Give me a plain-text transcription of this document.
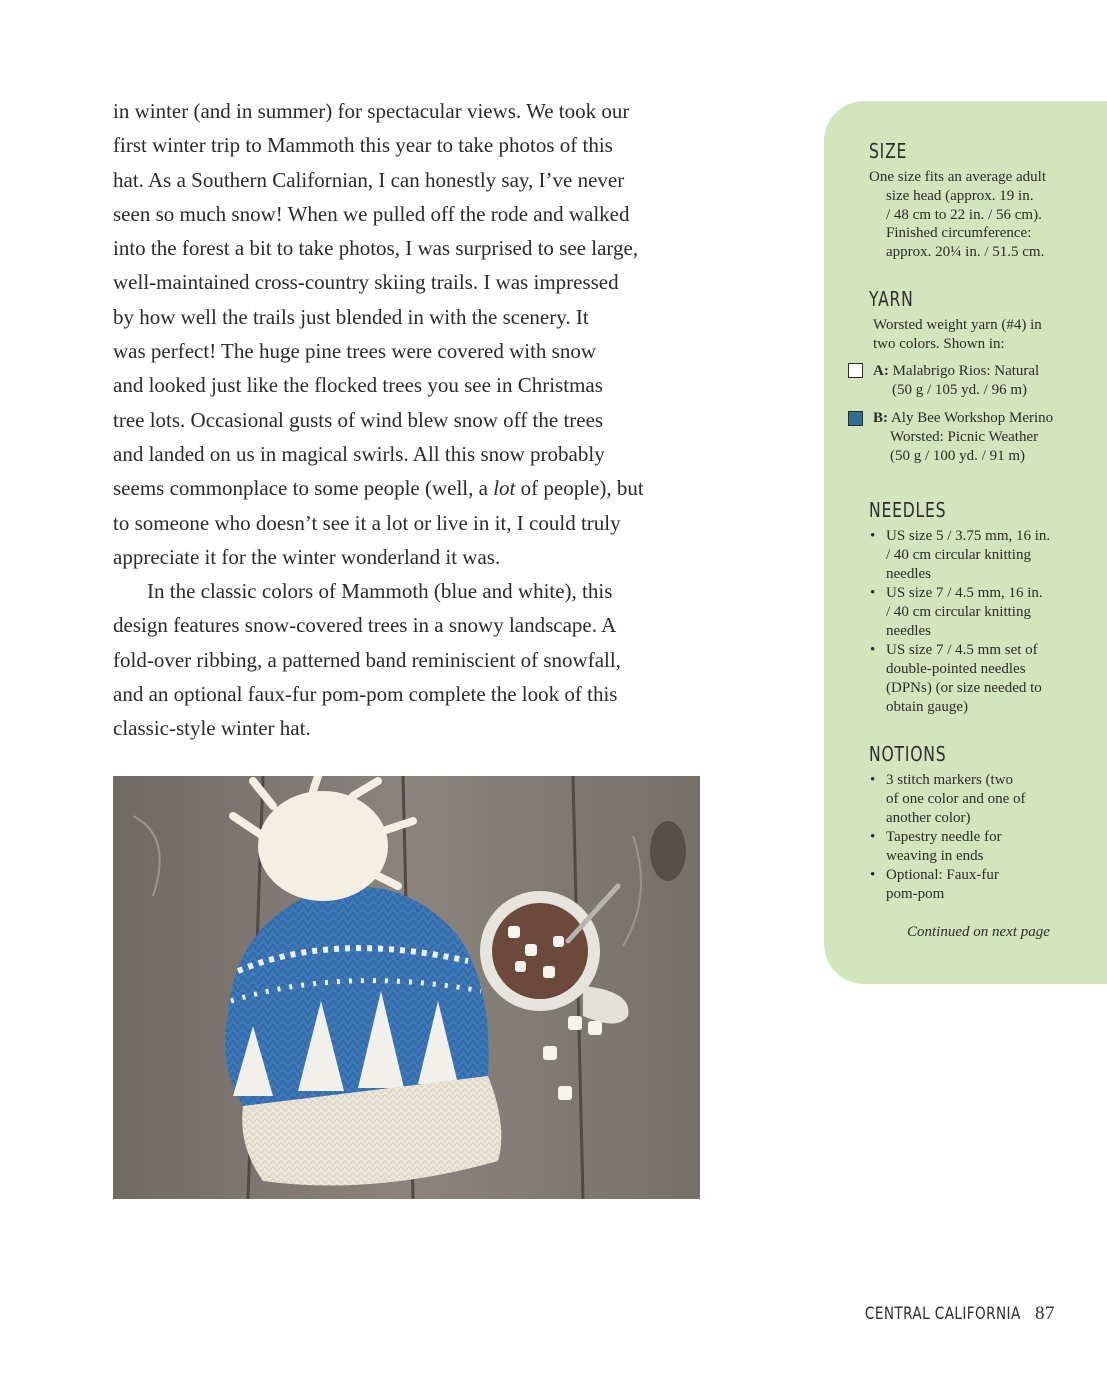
in winter (and in summer) for spectacular views. We took our
first winter trip to Mammoth this year to take photos of this
hat. As a Southern Californian, I can honestly say, I’ve never
seen so much snow! When we pulled off the rode and walked
into the forest a bit to take photos, I was surprised to see large,
well-maintained cross-country skiing trails. I was impressed
by how well the trails just blended in with the scenery. It
was perfect! The huge pine trees were covered with snow
and looked just like the flocked trees you see in Christmas
tree lots. Occasional gusts of wind blew snow off the trees
and landed on us in magical swirls. All this snow probably
seems commonplace to some people (well, a lot of people), but
to someone who doesn’t see it a lot or live in it, I could truly
appreciate it for the winter wonderland it was.

In the classic colors of Mammoth (blue and white), this
design features snow-covered trees in a snowy landscape. A
fold-over ribbing, a patterned band reminiscient of snowfall,
and an optional faux-fur pom-pom complete the look of this
classic-style winter hat.

SIZE
One size fits an average adult
size head (approx. 19 in.
/ 48 cm to 22 in. / 56 cm).
Finished circumference:
approx. 20¼ in. / 51.5 cm.
YARN
Worsted weight yarn (#4) in
two colors. Shown in:
A: Malabrigo Rios: Natural
(50 g / 105 yd. / 96 m)
B: Aly Bee Workshop Merino
Worsted: Picnic Weather
(50 g / 100 yd. / 91 m)
NEEDLES
• US size 5 / 3.75 mm, 16 in.
/ 40 cm circular knitting
needles
• US size 7 / 4.5 mm, 16 in.
/ 40 cm circular knitting
needles
• US size 7 / 4.5 mm set of
double-pointed needles
(DPNs) (or size needed to
obtain gauge)
NOTIONS
• 3 stitch markers (two
of one color and one of
another color)
• Tapestry needle for
weaving in ends
• Optional: Faux-fur
pom-pom
Continued on next page
CENTRAL CALIFORNIA 87
